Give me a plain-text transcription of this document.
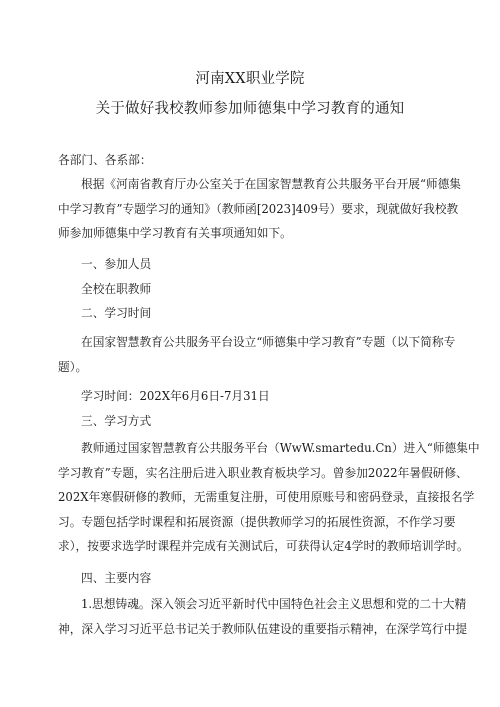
河南XX职业学院
关于做好我校教师参加师德集中学习教育的通知
各部门、各系部：
根据《河南省教育厅办公室关于在国家智慧教育公共服务平台开展“师德集
中学习教育”专题学习的通知》（教师函[2023]409号）要求，现就做好我校教
师参加师德集中学习教育有关事项通知如下。
一、参加人员
全校在职教师
二、学习时间
在国家智慧教育公共服务平台设立“师德集中学习教育”专题（以下简称专
题）。
学习时间：202X年6月6日-7月31日
三、学习方式
教师通过国家智慧教育公共服务平台（WwW.smartedu.Cn）进入“师德集中
学习教育”专题，实名注册后进入职业教育板块学习。曾参加2022年暑假研修、
202X年寒假研修的教师，无需重复注册，可使用原账号和密码登录，直接报名学
习。专题包括学时课程和拓展资源（提供教师学习的拓展性资源，不作学习要
求），按要求选学时课程并完成有关测试后，可获得认定4学时的教师培训学时。
四、主要内容
1.思想铸魂。深入领会习近平新时代中国特色社会主义思想和党的二十大精
神，深入学习习近平总书记关于教师队伍建设的重要指示精神，在深学笃行中提
